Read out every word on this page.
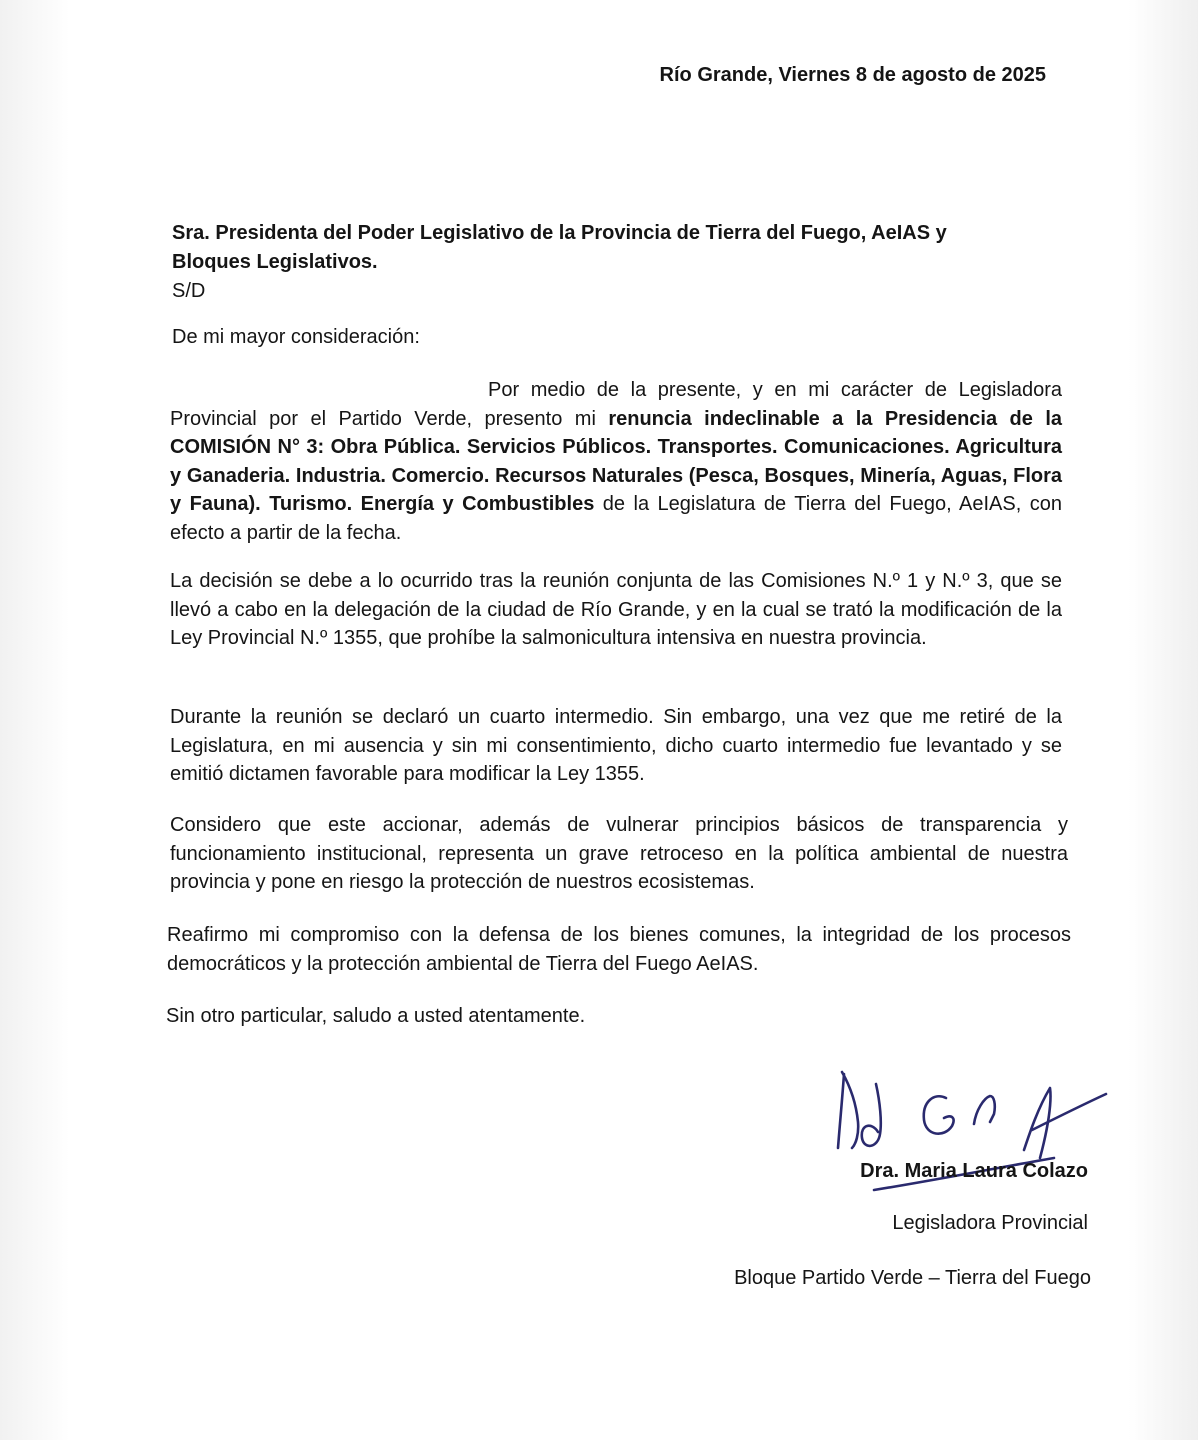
Río Grande, Viernes 8 de agosto de 2025

Sra. Presidenta del Poder Legislativo de la Provincia de Tierra del Fuego, AeIAS y
Bloques Legislativos.
S/D

De mi mayor consideración:

Por medio de la presente, y en mi carácter de Legisladora Provincial por el Partido Verde, presento mi renuncia indeclinable a la Presidencia de la COMISIÓN N° 3: Obra Pública. Servicios Públicos. Transportes. Comunicaciones. Agricultura y Ganaderia. Industria. Comercio. Recursos Naturales (Pesca, Bosques, Minería, Aguas, Flora y Fauna). Turismo. Energía y Combustibles de la Legislatura de Tierra del Fuego, AeIAS, con efecto a partir de la fecha.

La decisión se debe a lo ocurrido tras la reunión conjunta de las Comisiones N.º 1 y N.º 3, que se llevó a cabo en la delegación de la ciudad de Río Grande, y en la cual se trató la modificación de la Ley Provincial N.º 1355, que prohíbe la salmonicultura intensiva en nuestra provincia.

Durante la reunión se declaró un cuarto intermedio. Sin embargo, una vez que me retiré de la Legislatura, en mi ausencia y sin mi consentimiento, dicho cuarto intermedio fue levantado y se emitió dictamen favorable para modificar la Ley 1355.

Considero que este accionar, además de vulnerar principios básicos de transparencia y funcionamiento institucional, representa un grave retroceso en la política ambiental de nuestra provincia y pone en riesgo la protección de nuestros ecosistemas.

Reafirmo mi compromiso con la defensa de los bienes comunes, la integridad de los procesos democráticos y la protección ambiental de Tierra del Fuego AeIAS.

Sin otro particular, saludo a usted atentamente.

Dra. Maria Laura Colazo

Legisladora Provincial

Bloque Partido Verde – Tierra del Fuego
